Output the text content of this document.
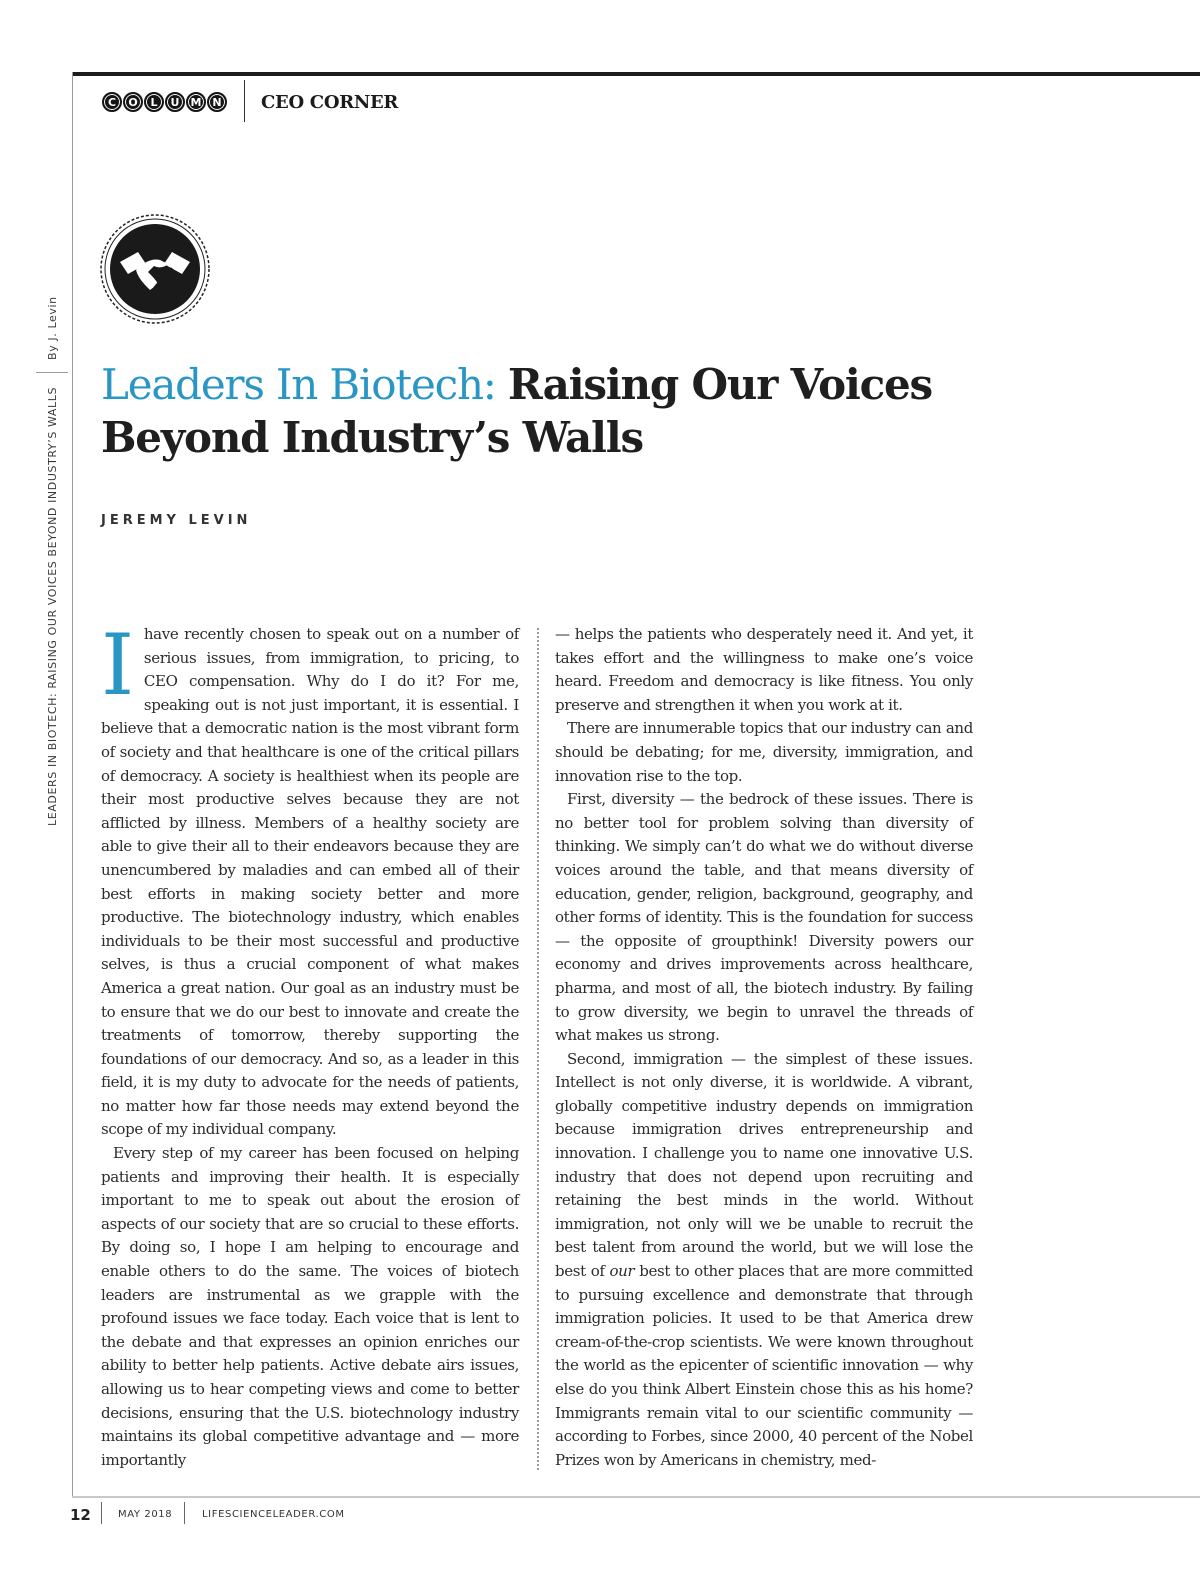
C	O	L	U	M N CEO CORNER
By J. Levin
LEADERS IN BIOTECH: RAISING OUR VOICES BEYOND INDUSTRY’S WALLS
Leaders In Biotech: Raising Our Voices Beyond Industry’s Walls
JEREMY LEVIN

Ihave recently chosen to speak out on a number of serious issues, from immigration, to pricing, to CEO compensation. Why do I do it? For me, speaking out is not just important, it is essential. I believe that a democratic nation is the most vibrant form of society and that healthcare is one of the critical pillars of democracy. A society is healthiest when its people are their most productive selves because they are not afflicted by illness. Members of a healthy society are able to give their all to their endeavors because they are unencumbered by maladies and can embed all of their best efforts in making society better and more productive. The biotechnology industry, which enables individuals to be their most successful and productive selves, is thus a crucial component of what makes America a great nation. Our goal as an industry must be to ensure that we do our best to innovate and create the treatments of tomorrow, thereby supporting the foundations of our democracy. And so, as a leader in this field, it is my duty to advocate for the needs of patients, no matter how far those needs may extend beyond the scope of my individual company.

Every step of my career has been focused on helping patients and improving their health. It is especially important to me to speak out about the erosion of aspects of our society that are so crucial to these efforts. By doing so, I hope I am helping to encourage and enable others to do the same. The voices of biotech leaders are instrumental as we grapple with the profound issues we face today. Each voice that is lent to the debate and that expresses an opinion enriches our ability to better help patients. Active debate airs issues, allowing us to hear competing views and come to better decisions, ensuring that the U.S. biotechnology industry maintains its global competitive advantage and — more importantly

— helps the patients who desperately need it. And yet, it takes effort and the willingness to make one’s voice heard. Freedom and democracy is like fitness. You only preserve and strengthen it when you work at it.

There are innumerable topics that our industry can and should be debating; for me, diversity, immigration, and innovation rise to the top.

First, diversity — the bedrock of these issues. There is no better tool for problem solving than diversity of thinking. We simply can’t do what we do without diverse voices around the table, and that means diversity of education, gender, religion, background, geography, and other forms of identity. This is the foundation for success — the opposite of groupthink! Diversity powers our economy and drives improvements across healthcare, pharma, and most of all, the biotech industry. By failing to grow diversity, we begin to unravel the threads of what makes us strong.

Second, immigration — the simplest of these issues. Intellect is not only diverse, it is worldwide. A vibrant, globally competitive industry depends on immigration because immigration drives entrepreneurship and innovation. I challenge you to name one innovative U.S. industry that does not depend upon recruiting and retaining the best minds in the world. Without immigration, not only will we be unable to recruit the best talent from around the world, but we will lose the best of our best to other places that are more committed to pursuing excellence and demonstrate that through immigration policies. It used to be that America drew cream-of-the-crop scientists. We were known throughout the world as the epicenter of scientific innovation — why else do you think Albert Einstein chose this as his home? Immigrants remain vital to our scientific community — according to Forbes, since 2000, 40 percent of the Nobel Prizes won by Americans in chemistry, med-

12	MAY 2018	LIFESCIENCELEADER.COM
